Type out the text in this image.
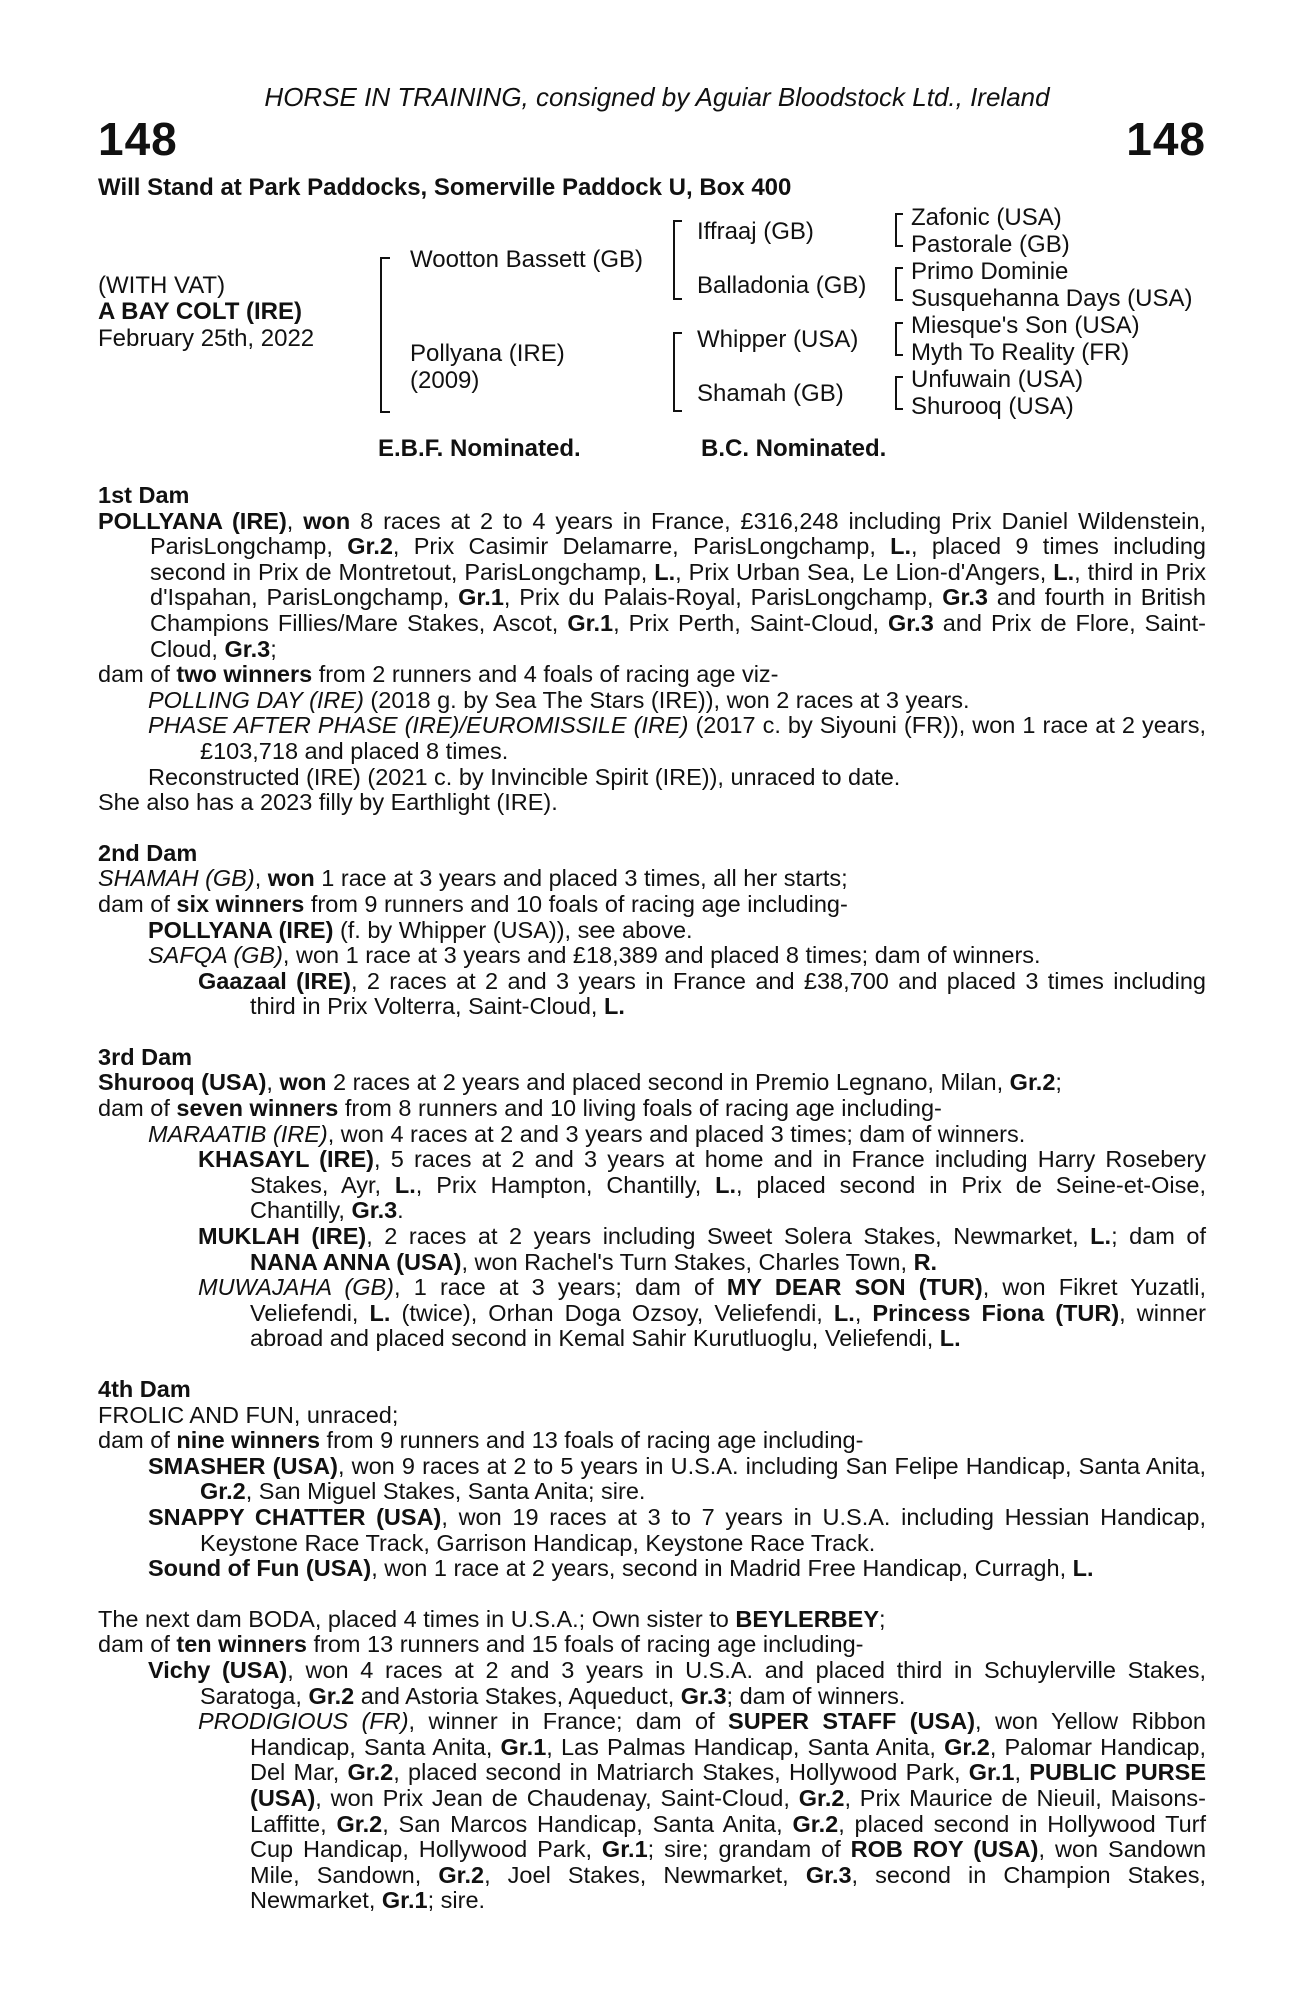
HORSE IN TRAINING, consigned by Aguiar Bloodstock Ltd., Ireland
148	148
Will Stand at Park Paddocks, Somerville Paddock U, Box 400
(WITH VAT)
A BAY COLT (IRE)
February 25th, 2022
Wootton Bassett (GB)
Pollyana (IRE)
(2009)
Iffraaj (GB)
Balladonia (GB)
Whipper (USA)
Shamah (GB)
Zafonic (USA)
Pastorale (GB)
Primo Dominie
Susquehanna Days (USA)
Miesque's Son (USA)
Myth To Reality (FR)
Unfuwain (USA)
Shurooq (USA)
E.B.F. Nominated.	B.C. Nominated.

1st Dam

POLLYANA (IRE), won 8 races at 2 to 4 years in France, £316,248 including Prix Daniel Wildenstein, ParisLongchamp, Gr.2, Prix Casimir Delamarre, ParisLongchamp, L., placed 9 times including second in Prix de Montretout, ParisLongchamp, L., Prix Urban Sea, Le Lion-d'Angers, L., third in Prix d'Ispahan, ParisLongchamp, Gr.1, Prix du Palais-Royal, ParisLongchamp, Gr.3 and fourth in British Champions Fillies/Mare Stakes, Ascot, Gr.1, Prix Perth, Saint-Cloud, Gr.3 and Prix de Flore, Saint-Cloud, Gr.3;

dam of two winners from 2 runners and 4 foals of racing age viz-

POLLING DAY (IRE) (2018 g. by Sea The Stars (IRE)), won 2 races at 3 years.

PHASE AFTER PHASE (IRE)/EUROMISSILE (IRE) (2017 c. by Siyouni (FR)), won 1 race at 2 years, £103,718 and placed 8 times.

Reconstructed (IRE) (2021 c. by Invincible Spirit (IRE)), unraced to date.

She also has a 2023 filly by Earthlight (IRE).

2nd Dam

SHAMAH (GB), won 1 race at 3 years and placed 3 times, all her starts;

dam of six winners from 9 runners and 10 foals of racing age including-

POLLYANA (IRE) (f. by Whipper (USA)), see above.

SAFQA (GB), won 1 race at 3 years and £18,389 and placed 8 times; dam of winners.

Gaazaal (IRE), 2 races at 2 and 3 years in France and £38,700 and placed 3 times including third in Prix Volterra, Saint-Cloud, L.

3rd Dam

Shurooq (USA), won 2 races at 2 years and placed second in Premio Legnano, Milan, Gr.2;

dam of seven winners from 8 runners and 10 living foals of racing age including-

MARAATIB (IRE), won 4 races at 2 and 3 years and placed 3 times; dam of winners.

KHASAYL (IRE), 5 races at 2 and 3 years at home and in France including Harry Rosebery Stakes, Ayr, L., Prix Hampton, Chantilly, L., placed second in Prix de Seine-et-Oise, Chantilly, Gr.3.

MUKLAH (IRE), 2 races at 2 years including Sweet Solera Stakes, Newmarket, L.; dam of NANA ANNA (USA), won Rachel's Turn Stakes, Charles Town, R.

MUWAJAHA (GB), 1 race at 3 years; dam of MY DEAR SON (TUR), won Fikret Yuzatli, Veliefendi, L. (twice), Orhan Doga Ozsoy, Veliefendi, L., Princess Fiona (TUR), winner abroad and placed second in Kemal Sahir Kurutluoglu, Veliefendi, L.

4th Dam

FROLIC AND FUN, unraced;

dam of nine winners from 9 runners and 13 foals of racing age including-

SMASHER (USA), won 9 races at 2 to 5 years in U.S.A. including San Felipe Handicap, Santa Anita, Gr.2, San Miguel Stakes, Santa Anita; sire.

SNAPPY CHATTER (USA), won 19 races at 3 to 7 years in U.S.A. including Hessian Handicap, Keystone Race Track, Garrison Handicap, Keystone Race Track.

Sound of Fun (USA), won 1 race at 2 years, second in Madrid Free Handicap, Curragh, L.

The next dam BODA, placed 4 times in U.S.A.; Own sister to BEYLERBEY;

dam of ten winners from 13 runners and 15 foals of racing age including-

Vichy (USA), won 4 races at 2 and 3 years in U.S.A. and placed third in Schuylerville Stakes, Saratoga, Gr.2 and Astoria Stakes, Aqueduct, Gr.3; dam of winners.

PRODIGIOUS (FR), winner in France; dam of SUPER STAFF (USA), won Yellow Ribbon Handicap, Santa Anita, Gr.1, Las Palmas Handicap, Santa Anita, Gr.2, Palomar Handicap, Del Mar, Gr.2, placed second in Matriarch Stakes, Hollywood Park, Gr.1, PUBLIC PURSE (USA), won Prix Jean de Chaudenay, Saint-Cloud, Gr.2, Prix Maurice de Nieuil, Maisons-Laffitte, Gr.2, San Marcos Handicap, Santa Anita, Gr.2, placed second in Hollywood Turf Cup Handicap, Hollywood Park, Gr.1; sire; grandam of ROB ROY (USA), won Sandown Mile, Sandown, Gr.2, Joel Stakes, Newmarket, Gr.3, second in Champion Stakes, Newmarket, Gr.1; sire.
